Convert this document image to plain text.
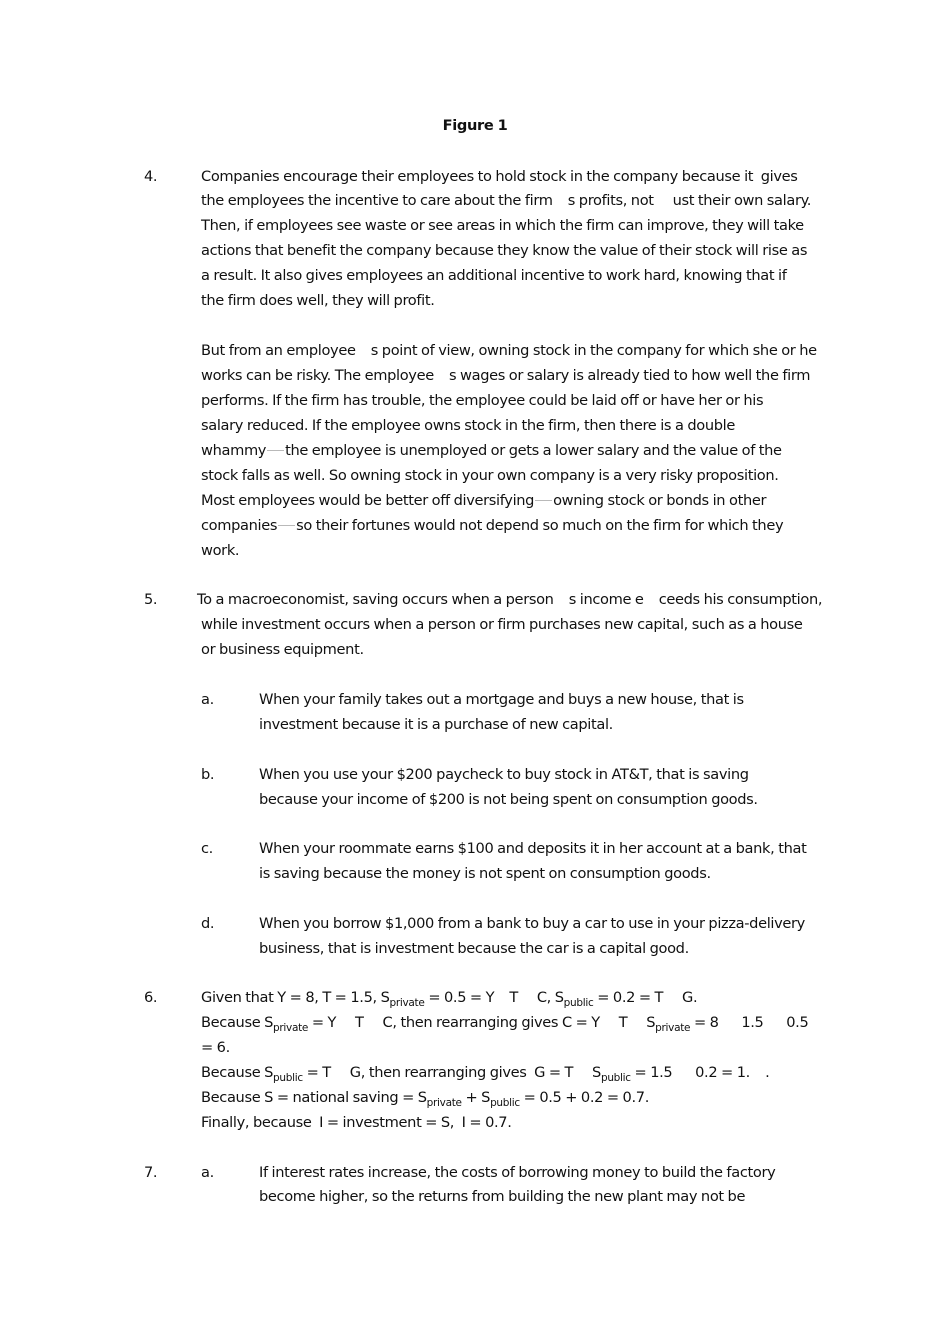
Figure 1
4.	Companies encourage their employees to hold stock in the company because it  gives
the employees the incentive to care about the firm    s profits, not     ust their own salary.
Then, if employees see waste or see areas in which the firm can improve, they will take
actions that benefit the company because they know the value of their stock will rise as
a result. It also gives employees an additional incentive to work hard, knowing that if
the firm does well, they will profit.
But from an employee    s point of view, owning stock in the company for which she or he
works can be risky. The employee    s wages or salary is already tied to how well the firm
performs. If the firm has trouble, the employee could be laid off or have her or his
salary reduced. If the employee owns stock in the firm, then there is a double
whammy the employee is unemployed or gets a lower salary and the value of the
stock falls as well. So owning stock in your own company is a very risky proposition.
Most employees would be better off diversifying owning stock or bonds in other
companies so their fortunes would not depend so much on the firm for which they
work.
5.	To a macroeconomist, saving occurs when a person    s income e    ceeds his consumption,
while investment occurs when a person or firm purchases new capital, such as a house
or business equipment.
a.	When your family takes out a mortgage and buys a new house, that is
investment because it is a purchase of new capital.
b.	When you use your $200 paycheck to buy stock in AT&T, that is saving
because your income of $200 is not being spent on consumption goods.
c.	When your roommate earns $100 and deposits it in her account at a bank, that
is saving because the money is not spent on consumption goods.
d.	When you borrow $1,000 from a bank to buy a car to use in your pizza-delivery
business, that is investment because the car is a capital good.
6.	Given that Y = 8, T = 1.5, $S_{private} = 0.5 = Y$    T     C, $S_{public} = 0.2 = T$     G.
Because $S_{private} = Y$     T     C, then rearranging gives C = Y     T     $S_{private} = 8$      1.5      0.5
= 6.
Because $S_{public} = T$     G, then rearranging gives  G = T     $S_{public} = 1.5$      0.2 = 1.    .
Because S = national saving = $S_{private} + S_{public} = 0.5 + 0.2 = 0.7$.
Finally, because  I = investment = S,  I = 0.7.
7.	a.	If interest rates increase, the costs of borrowing money to build the factory
become higher, so the returns from building the new plant may not be
